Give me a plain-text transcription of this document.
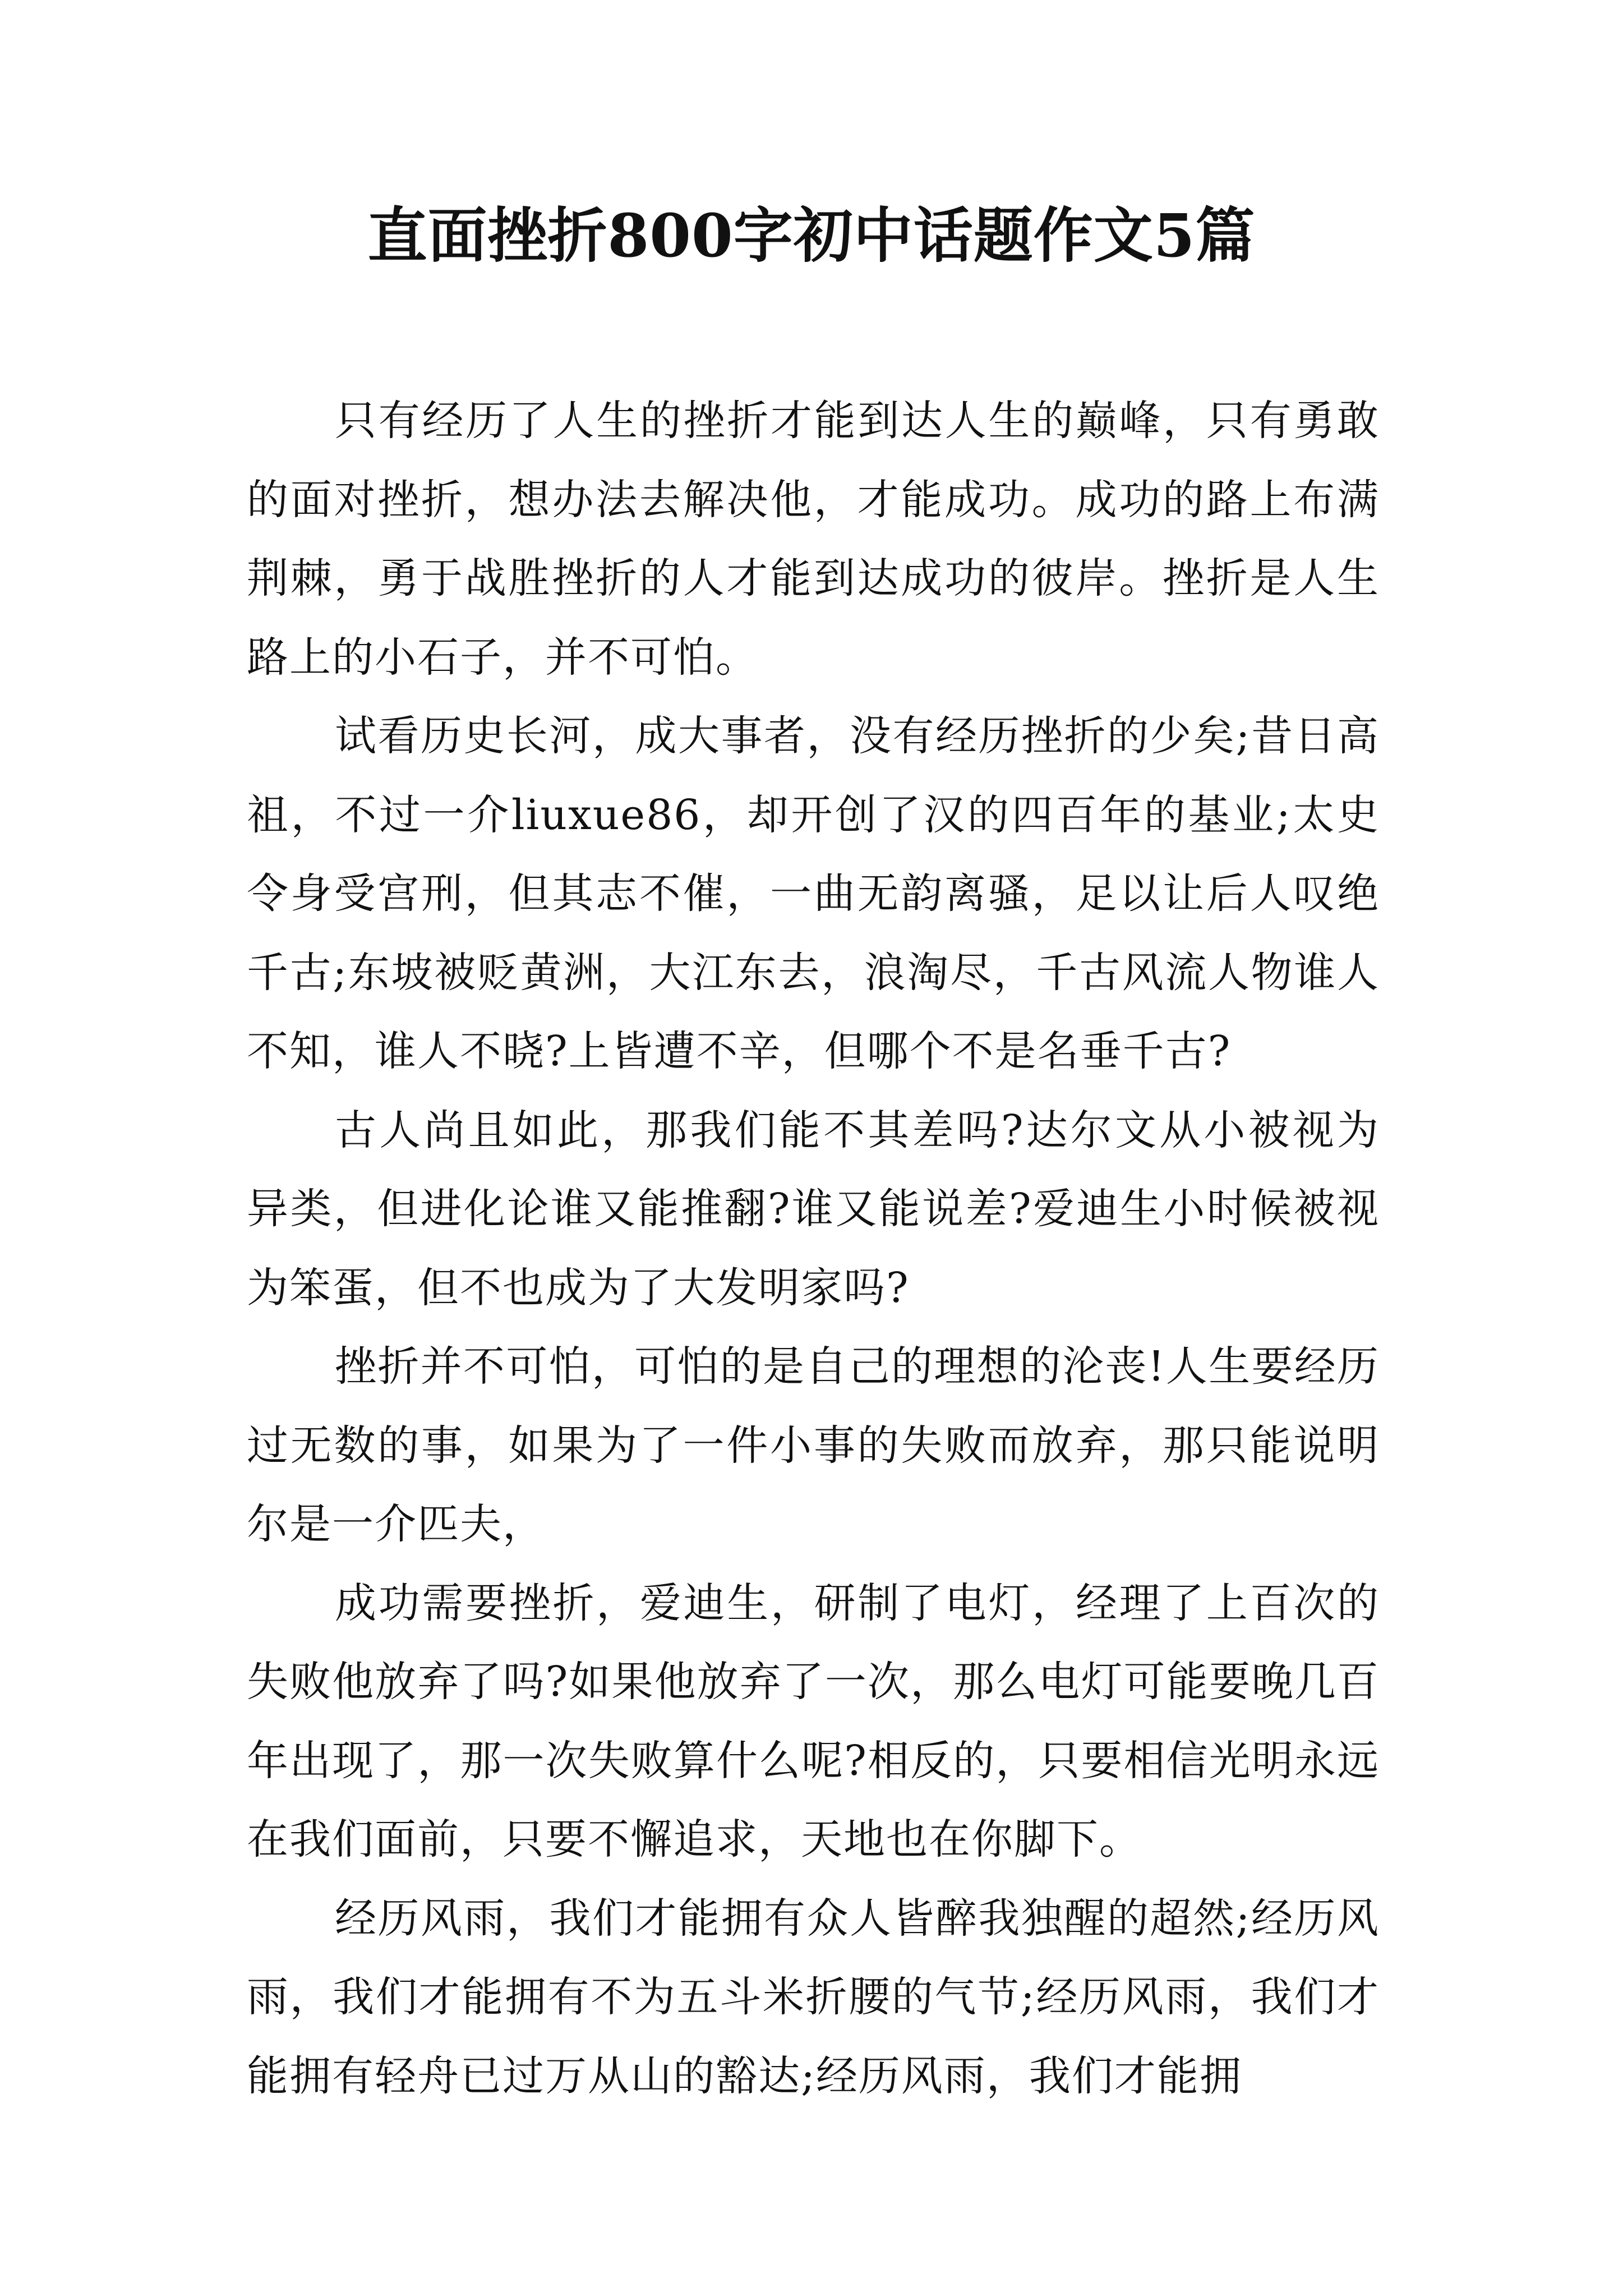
直面挫折800字初中话题作文5篇

只有经历了人生的挫折才能到达人生的巅峰，只有勇敢的面对挫折，想办法去解决他，才能成功。成功的路上布满荆棘，勇于战胜挫折的人才能到达成功的彼岸。挫折是人生路上的小石子，并不可怕。

试看历史长河，成大事者，没有经历挫折的少矣;昔日高祖，不过一介liuxue86，却开创了汉的四百年的基业;太史令身受宫刑，但其志不催，一曲无韵离骚，足以让后人叹绝千古;东坡被贬黄洲，大江东去，浪淘尽，千古风流人物谁人不知，谁人不晓?上皆遭不辛，但哪个不是名垂千古?

古人尚且如此，那我们能不其差吗?达尔文从小被视为异类，但进化论谁又能推翻?谁又能说差?爱迪生小时候被视为笨蛋，但不也成为了大发明家吗?

挫折并不可怕，可怕的是自己的理想的沦丧!人生要经历过无数的事，如果为了一件小事的失败而放弃，那只能说明尔是一介匹夫，

成功需要挫折，爱迪生，研制了电灯，经理了上百次的失败他放弃了吗?如果他放弃了一次，那么电灯可能要晚几百年出现了，那一次失败算什么呢?相反的，只要相信光明永远在我们面前，只要不懈追求，天地也在你脚下。

经历风雨，我们才能拥有众人皆醉我独醒的超然;经历风雨，我们才能拥有不为五斗米折腰的气节;经历风雨，我们才能拥有轻舟已过万从山的豁达;经历风雨，我们才能拥
